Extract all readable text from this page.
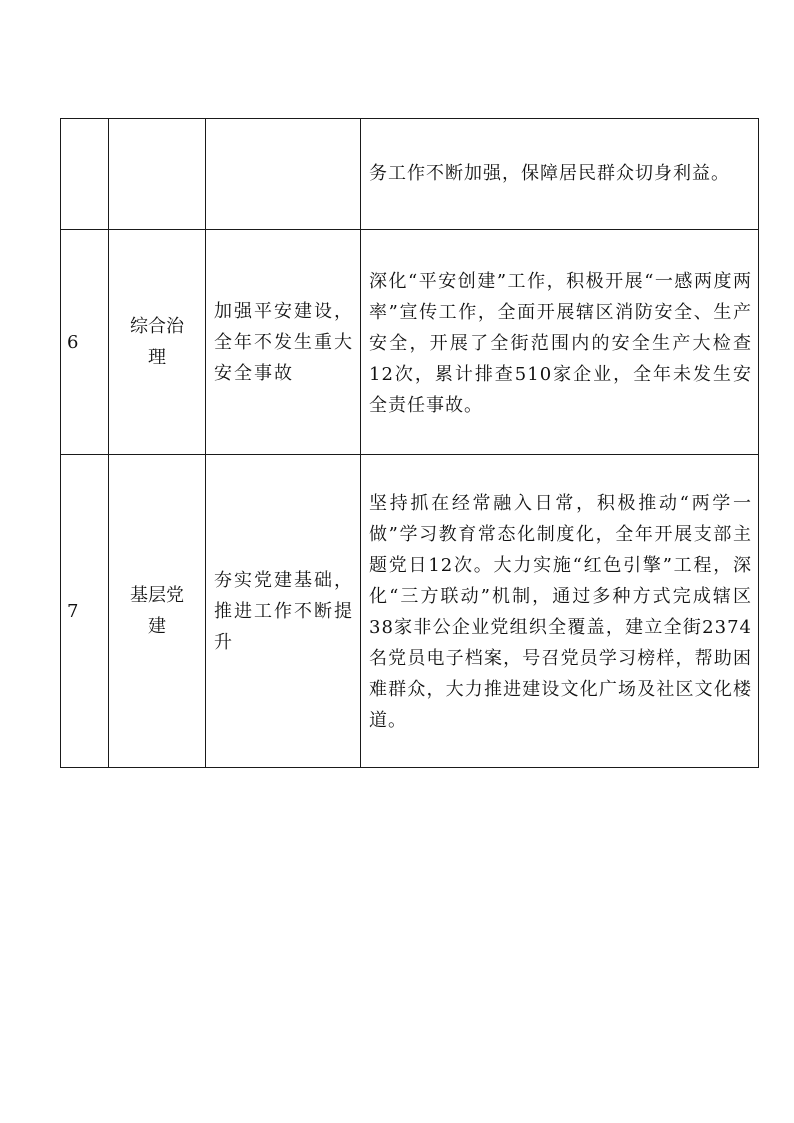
			务工作不断加强，保障居民群众切身利益。

6	综合治理	加强平安建设，全年不发生重大安全事故	深化“平安创建”工作，积极开展“一感两度两率”宣传工作，全面开展辖区消防安全、生产安全，开展了全街范围内的安全生产大检查12次，累计排查510家企业，全年未发生安全责任事故。

7	基层党建	夯实党建基础，推进工作不断提升	坚持抓在经常融入日常，积极推动“两学一做”学习教育常态化制度化，全年开展支部主题党日12次。大力实施“红色引擎”工程，深化“三方联动”机制，通过多种方式完成辖区38家非公企业党组织全覆盖，建立全街2374名党员电子档案，号召党员学习榜样，帮助困难群众，大力推进建设文化广场及社区文化楼道。
